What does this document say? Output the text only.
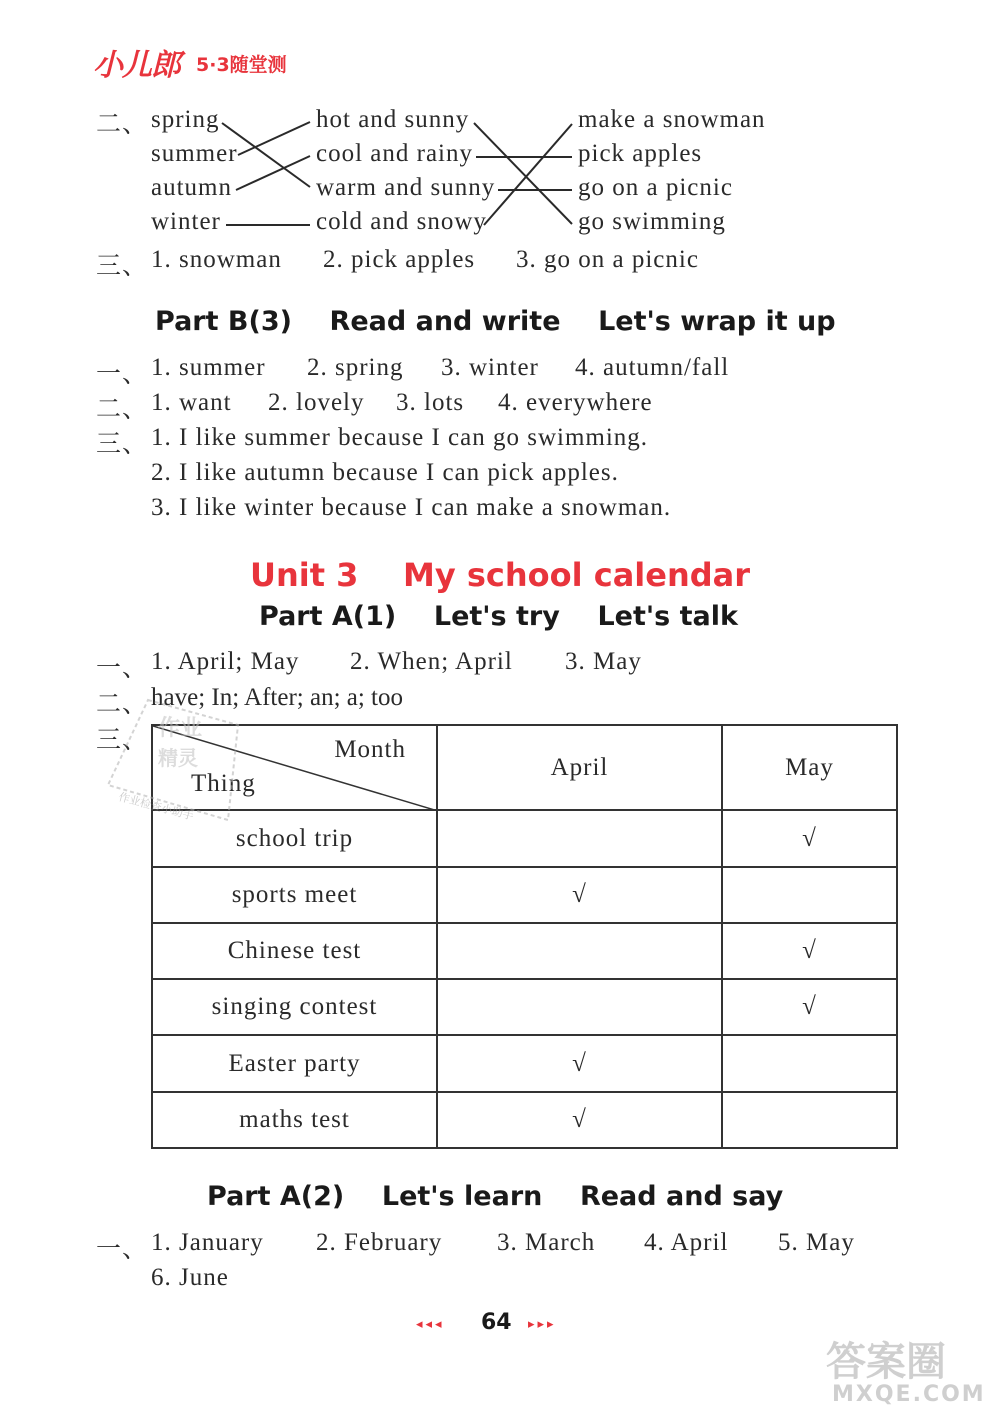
小儿郎 5·3随堂测
二、 spring
summer
autumn
winter
hot and sunny
cool and rainy
warm and sunny
cold and snowy
make a snowman
pick apples
go on a picnic
go swimming
三、 1. snowman 2. pick apples 3. go on a picnic
Part B(3)    Read and write    Let's wrap it up
一、 1. summer 2. spring 3. winter 4. autumn/fall
二、 1. want 2. lovely 3. lots 4. everywhere
三、 1. I like summer because I can go swimming.
2. I like autumn because I can pick apples.
3. I like winter because I can make a snowman.
Unit 3    My school calendar
Part A(1)    Let's try    Let's talk
一、 1. April; May 2. When; April 3. May
二、 have; In; After; an; a; too
三、	Month
Thing	April	May
school trip		√
sports meet	√	
Chinese test		√
singing contest		√
Easter party	√	
maths test	√	
作业
精灵
作业检查小助手
Part A(2)    Let's learn    Read and say
一、 1. January 2. February 3. March 4. April 5. May
6. June
◂◂◂ 64 ▸▸▸
答案圈
MXQE.COM
